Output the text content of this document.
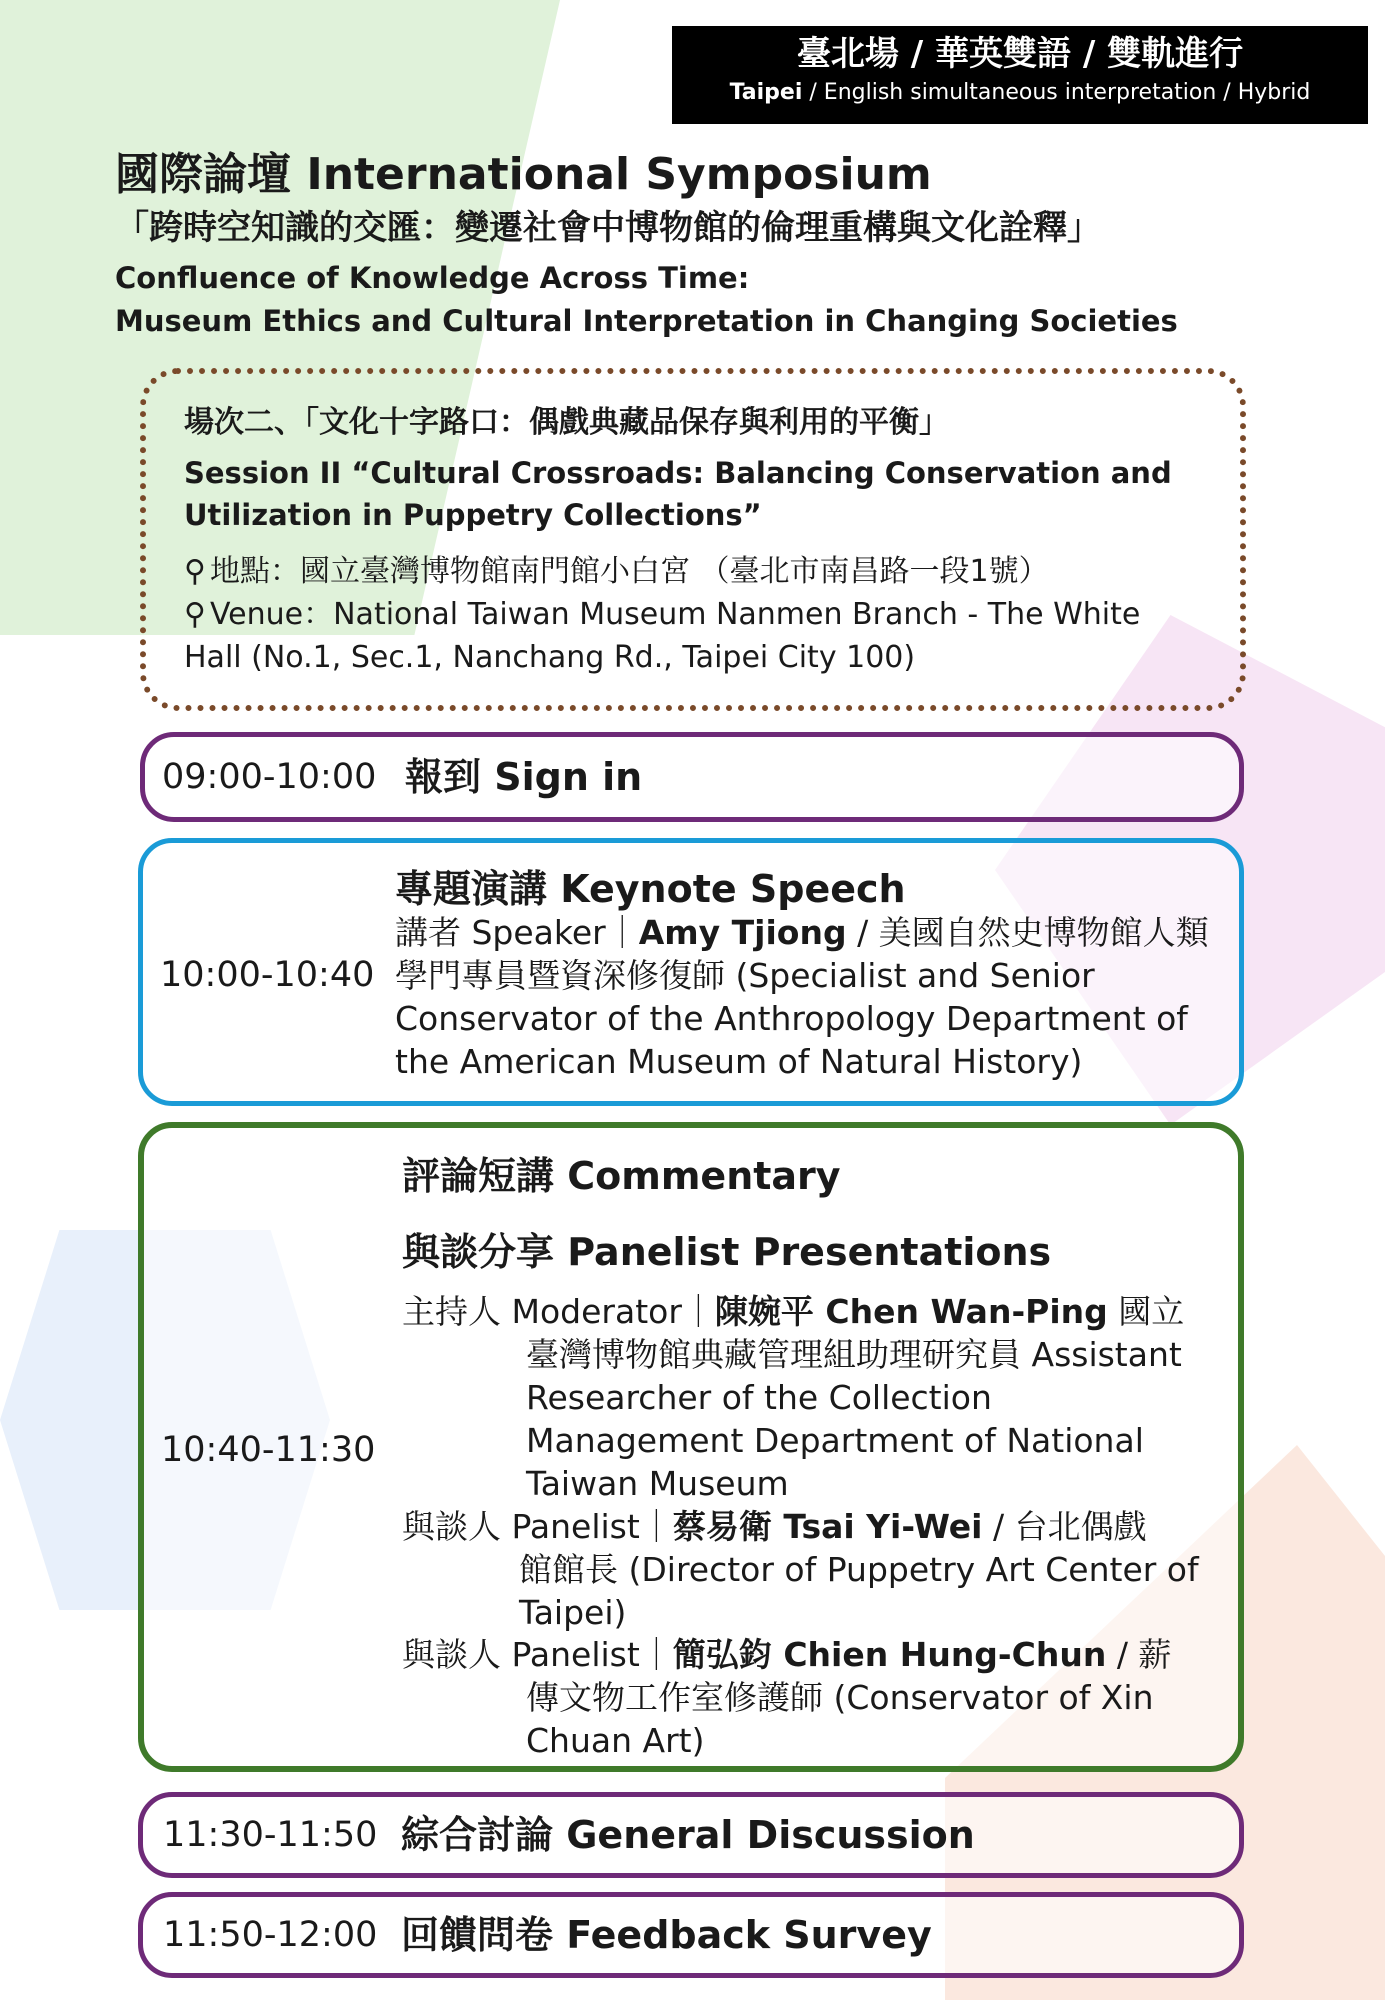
臺北場 / 華英雙語 / 雙軌進行
Taipei / English simultaneous interpretation / Hybrid
國際論壇 International Symposium
「跨時空知識的交匯：變遷社會中博物館的倫理重構與文化詮釋」
Confluence of Knowledge Across Time:
Museum Ethics and Cultural Interpretation in Changing Societies
場次二、「文化十字路口：偶戲典藏品保存與利用的平衡」
Session II “Cultural Crossroads: Balancing Conservation and Utilization in Puppetry Collections”
⚲ 地點：國立臺灣博物館南門館小白宮 （臺北市南昌路一段1號）
⚲ Venue：National Taiwan Museum Nanmen Branch - The White Hall (No.1, Sec.1, Nanchang Rd., Taipei City 100)
09:00-10:00 報到 Sign in
10:00-10:40
專題演講 Keynote Speech
講者 Speaker｜Amy Tjiong / 美國自然史博物館人類學門專員暨資深修復師 (Specialist and Senior Conservator of the Anthropology Department of the American Museum of Natural History)
10:40-11:30
評論短講 Commentary
與談分享 Panelist Presentations
主持人 Moderator｜陳婉平 Chen Wan-Ping 國立
臺灣博物館典藏管理組助理研究員 Assistant Researcher of the Collection Management Department of National Taiwan Museum
與談人 Panelist｜蔡易衛 Tsai Yi-Wei / 台北偶戲
館館長 (Director of Puppetry Art Center of Taipei)
與談人 Panelist｜簡弘鈞 Chien Hung-Chun / 薪
傳文物工作室修護師 (Conservator of Xin Chuan Art)
11:30-11:50 綜合討論 General Discussion
11:50-12:00 回饋問卷 Feedback Survey
